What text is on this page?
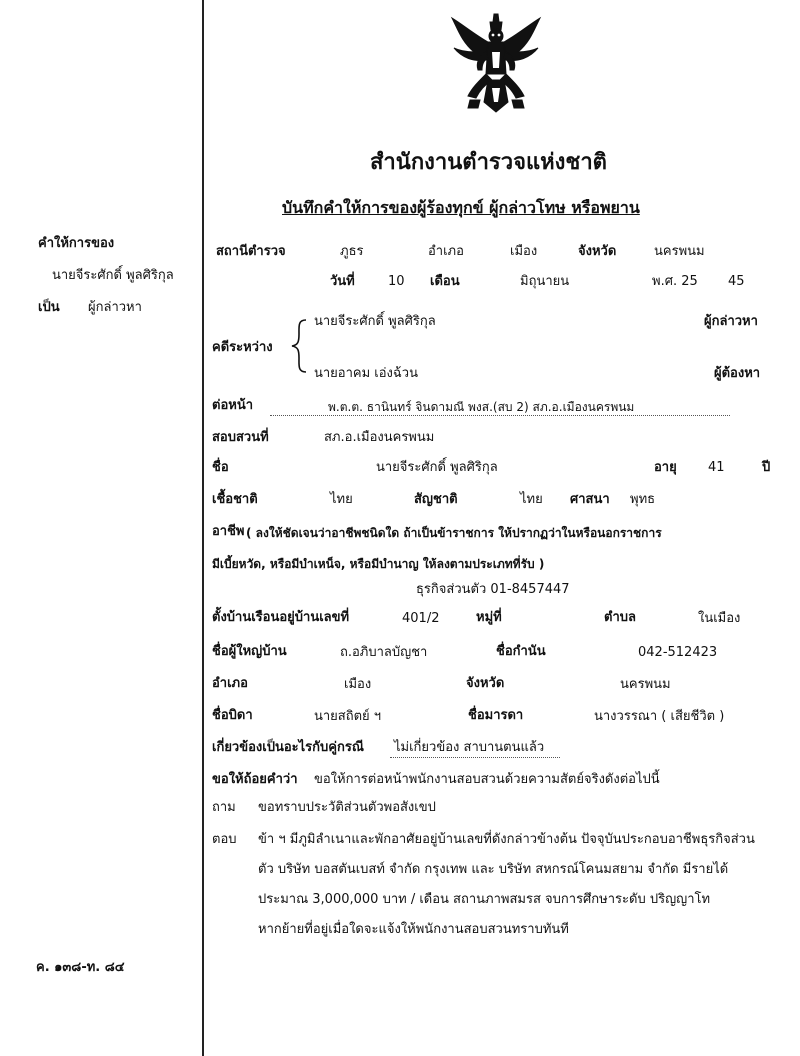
สำนักงานตำรวจแห่งชาติ
บันทึกคำให้การของผู้ร้องทุกข์ ผู้กล่าวโทษ หรือพยาน
คำให้การของ
นายจีระศักดิ์ พูลศิริกุล
เป็น ผู้กล่าวหา
ค. ๑๓๘-ท. ๘๔
สถานีตำรวจ	ภูธร	อำเภอ	เมือง	จังหวัด	นครพนม
วันที่	10 เดือน	มิถุนายน	พ.ศ. 25 45
คดีระหว่าง
นายจีระศักดิ์ พูลศิริกุล	ผู้กล่าวหา
นายอาคม เอ่งฉ้วน	ผู้ต้องหา
ต่อหน้า	พ.ต.ต. ธานินทร์ จินดามณี พงส.(สบ 2) สภ.อ.เมืองนครพนม
สอบสวนที่	สภ.อ.เมืองนครพนม
ชื่อ	นายจีระศักดิ์ พูลศิริกุล	อายุ 41	ปี
เชื้อชาติ	ไทย	สัญชาติ	ไทย ศาสนา พุทธ
อาชีพ ( ลงให้ชัดเจนว่าอาชีพชนิดใด ถ้าเป็นข้าราชการ ให้ปรากฏว่าในหรือนอกราชการ
มีเบี้ยหวัด, หรือมีบำเหน็จ, หรือมีบำนาญ ให้ลงตามประเภทที่รับ )
ธุรกิจส่วนตัว 01-8457447
ตั้งบ้านเรือนอยู่บ้านเลขที่	401/2	หมู่ที่	ตำบล	ในเมือง
ชื่อผู้ใหญ่บ้าน	ถ.อภิบาลบัญชา	ชื่อกำนัน	042-512423
อำเภอ	เมือง	จังหวัด	นครพนม
ชื่อบิดา	นายสถิตย์ ฯ	ชื่อมารดา	นางวรรณา ( เสียชีวิต )
เกี่ยวข้องเป็นอะไรกับคู่กรณี ไม่เกี่ยวข้อง สาบานตนแล้ว
ขอให้ถ้อยคำว่า ขอให้การต่อหน้าพนักงานสอบสวนด้วยความสัตย์จริงดังต่อไปนี้
ถาม ขอทราบประวัติส่วนตัวพอสังเขป
ตอบ ข้า ฯ มีภูมิลำเนาและพักอาศัยอยู่บ้านเลขที่ดังกล่าวข้างต้น ปัจจุบันประกอบอาชีพธุรกิจส่วน
ตัว บริษัท บอสตันเบสท์ จำกัด กรุงเทพ และ บริษัท สหกรณ์โคนมสยาม จำกัด มีรายได้
ประมาณ 3,000,000 บาท / เดือน สถานภาพสมรส จบการศึกษาระดับ ปริญญาโท
หากย้ายที่อยู่เมื่อใดจะแจ้งให้พนักงานสอบสวนทราบทันที
